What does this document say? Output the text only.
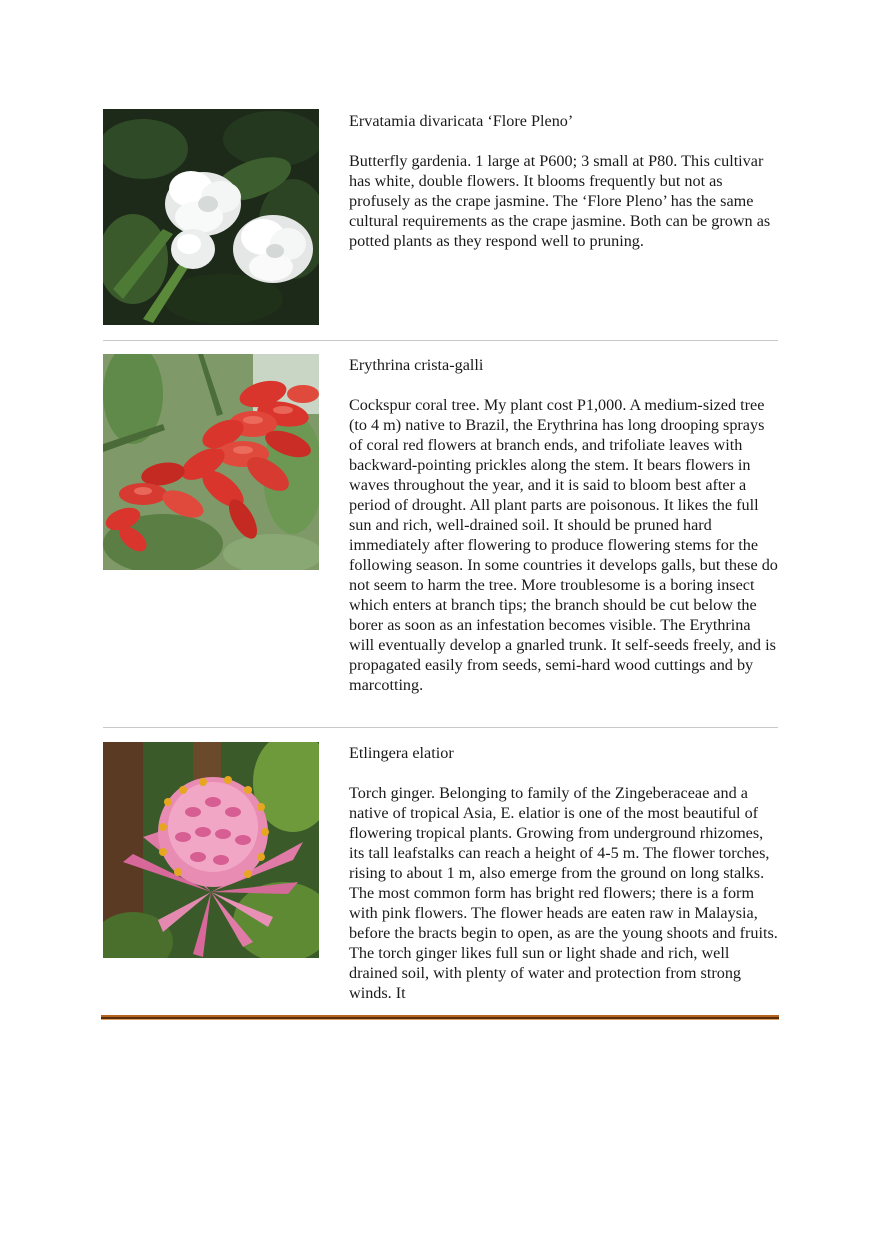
Ervatamia divaricata ‘Flore Pleno’

Butterfly gardenia. 1 large at P600; 3 small at P80. This cultivar has white, double flowers. It blooms frequently but not as profusely as the crape jasmine. The ‘Flore Pleno’ has the same cultural requirements as the crape jasmine. Both can be grown as potted plants as they respond well to pruning.

Erythrina crista-galli

Cockspur coral tree. My plant cost P1,000. A medium-sized tree (to 4 m) native to Brazil, the Erythrina has long drooping sprays of coral red flowers at branch ends, and trifoliate leaves with backward-pointing prickles along the stem. It bears flowers in waves throughout the year, and it is said to bloom best after a period of drought. All plant parts are poisonous. It likes the full sun and rich, well-drained soil. It should be pruned hard immediately after flowering to produce flowering stems for the following season. In some countries it develops galls, but these do not seem to harm the tree. More troublesome is a boring insect which enters at branch tips; the branch should be cut below the borer as soon as an infestation becomes visible. The Erythrina will eventually develop a gnarled trunk. It self-seeds freely, and is propagated easily from seeds, semi-hard wood cuttings and by marcotting.

Etlingera elatior

Torch ginger. Belonging to family of the Zingeberaceae and a native of tropical Asia, E. elatior is one of the most beautiful of flowering tropical plants. Growing from underground rhizomes, its tall leafstalks can reach a height of 4-5 m. The flower torches, rising to about 1 m, also emerge from the ground on long stalks. The most common form has bright red flowers; there is a form with pink flowers. The flower heads are eaten raw in Malaysia, before the bracts begin to open, as are the young shoots and fruits. The torch ginger likes full sun or light shade and rich, well drained soil, with plenty of water and protection from strong winds. It
